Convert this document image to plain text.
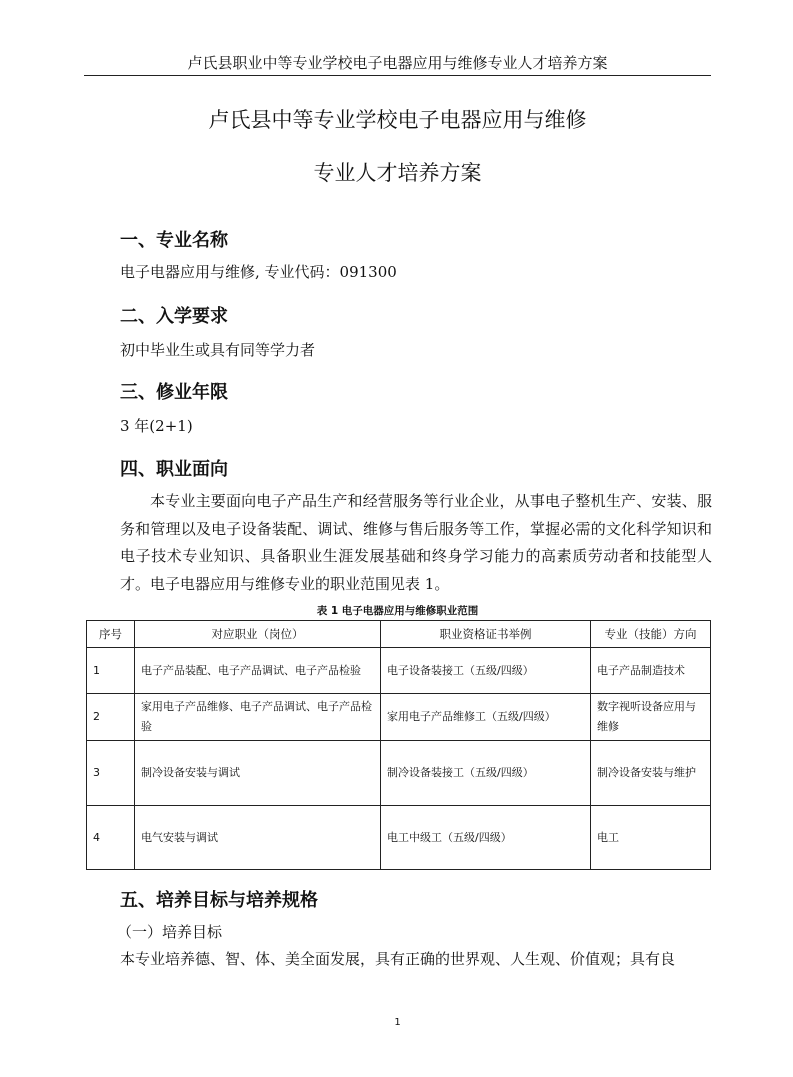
卢氏县职业中等专业学校电子电器应用与维修专业人才培养方案
卢氏县中等专业学校电子电器应用与维修
专业人才培养方案
一、专业名称
电子电器应用与维修, 专业代码：091300
二、入学要求
初中毕业生或具有同等学力者
三、修业年限
3 年(2+1)
四、职业面向
本专业主要面向电子产品生产和经营服务等行业企业，从事电子整机生产、安装、服务和管理以及电子设备装配、调试、维修与售后服务等工作，掌握必需的文化科学知识和电子技术专业知识、具备职业生涯发展基础和终身学习能力的高素质劳动者和技能型人才。 电子电器应用与维修专业的职业范围见表 1。
表 1 电子电器应用与维修职业范围
序号	对应职业（岗位）	职业资格证书举例	专业（技能）方向
1	电子产品装配、电子产品调试、电子产品检验	电子设备装接工（五级/四级）	电子产品制造技术
2	家用电子产品维修、电子产品调试、电子产品检验	家用电子产品维修工（五级/四级）	数字视听设备应用与维修
3	制冷设备安装与调试	制冷设备装接工（五级/四级）	制冷设备安装与维护
4	电气安装与调试	电工中级工（五级/四级）	电工
五、培养目标与培养规格
（一）培养目标
本专业培养德、智、体、美全面发展，具有正确的世界观、人生观、价值观；具有良
1
